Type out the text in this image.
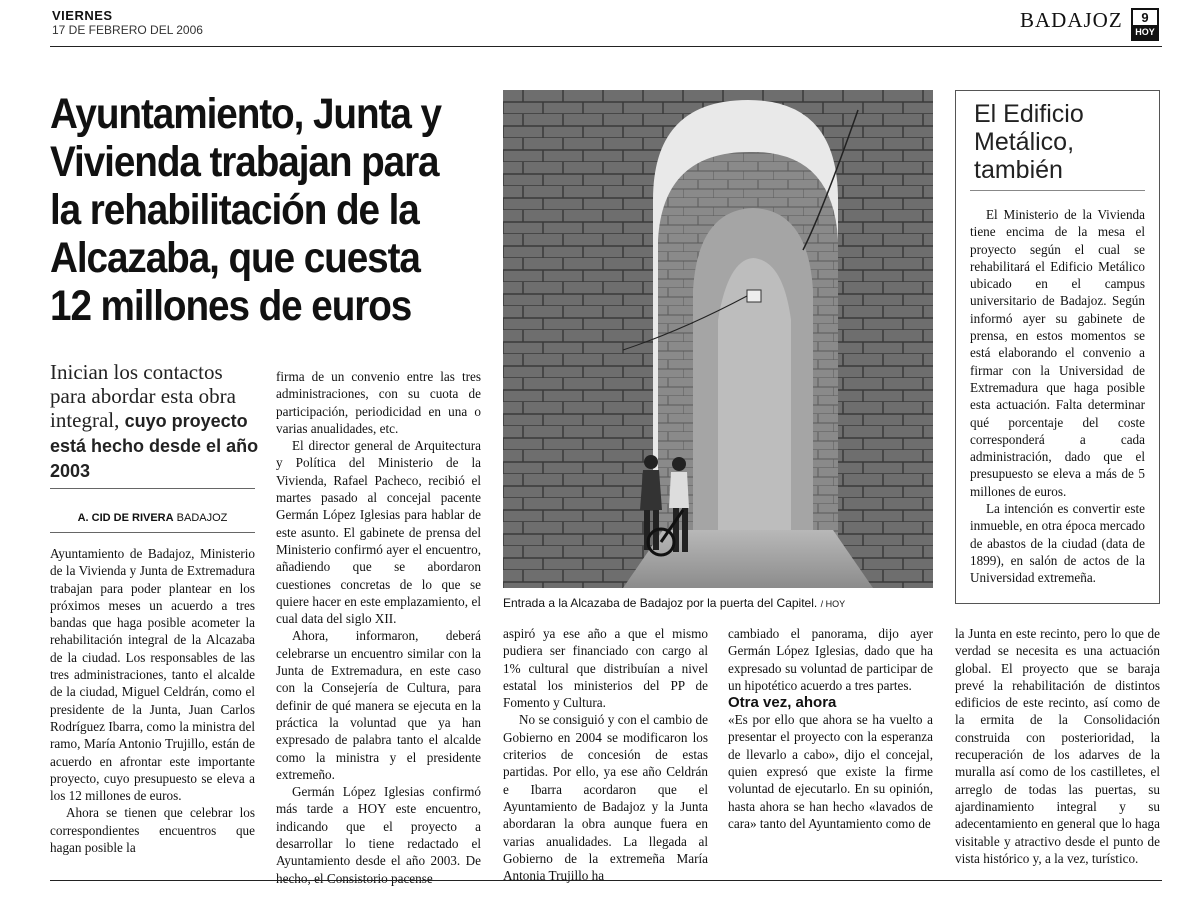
VIERNES
17 DE FEBRERO DEL 2006	BADAJOZ	9
HOY
Ayuntamiento, Junta y Vivienda trabajan para la rehabilitación de la Alcazaba, que cuesta 12 millones de euros
Inician los contactos para abordar esta obra integral, cuyo proyecto está hecho desde el año 2003
A. CID DE RIVERA BADAJOZ

Ayuntamiento de Badajoz, Ministerio de la Vivienda y Junta de Extremadura trabajan para poder plantear en los próximos meses un acuerdo a tres bandas que haga posible acometer la rehabilitación integral de la Alcazaba de la ciudad. Los responsables de las tres administraciones, tanto el alcalde de la ciudad, Miguel Celdrán, como el presidente de la Junta, Juan Carlos Rodríguez Ibarra, como la ministra del ramo, María Antonio Trujillo, están de acuerdo en afrontar este importante proyecto, cuyo presupuesto se eleva a los 12 millones de euros.

Ahora se tienen que celebrar los correspondientes encuentros que hagan posible la

firma de un convenio entre las tres administraciones, con su cuota de participación, periodicidad en una o varias anualidades, etc.

El director general de Arquitectura y Política del Ministerio de la Vivienda, Rafael Pacheco, recibió el martes pasado al concejal pacente Germán López Iglesias para hablar de este asunto. El gabinete de prensa del Ministerio confirmó ayer el encuentro, añadiendo que se abordaron cuestiones concretas de lo que se quiere hacer en este emplazamiento, el cual data del siglo XII.

Ahora, informaron, deberá celebrarse un encuentro similar con la Junta de Extremadura, en este caso con la Consejería de Cultura, para definir de qué manera se ejecuta en la práctica la voluntad que ya han expresado de palabra tanto el alcalde como la ministra y el presidente extremeño.

Germán López Iglesias confirmó más tarde a HOY este encuentro, indicando que el proyecto a desarrollar lo tiene redactado el Ayuntamiento desde el año 2003. De hecho, el Consistorio pacense

Entrada a la Alcazaba de Badajoz por la puerta del Capitel. / HOY

aspiró ya ese año a que el mismo pudiera ser financiado con cargo al 1% cultural que distribuían a nivel estatal los ministerios del PP de Fomento y Cultura.

No se consiguió y con el cambio de Gobierno en 2004 se modificaron los criterios de concesión de estas partidas. Por ello, ya ese año Celdrán e Ibarra acordaron que el Ayuntamiento de Badajoz y la Junta abordaran la obra aunque fuera en varias anualidades. La llegada al Gobierno de la extremeña María Antonia Trujillo ha

cambiado el panorama, dijo ayer Germán López Iglesias, dado que ha expresado su voluntad de participar de un hipotético acuerdo a tres partes.

Otra vez, ahora

«Es por ello que ahora se ha vuelto a presentar el proyecto con la esperanza de llevarlo a cabo», dijo el concejal, quien expresó que existe la firme voluntad de ejecutarlo. En su opinión, hasta ahora se han hecho «lavados de cara» tanto del Ayuntamiento como de

El Edificio Metálico, también

El Ministerio de la Vivienda tiene encima de la mesa el proyecto según el cual se rehabilitará el Edificio Metálico ubicado en el campus universitario de Badajoz. Según informó ayer su gabinete de prensa, en estos momentos se está elaborando el convenio a firmar con la Universidad de Extremadura que haga posible esta actuación. Falta determinar qué porcentaje del coste corresponderá a cada administración, dado que el presupuesto se eleva a más de 5 millones de euros.

La intención es convertir este inmueble, en otra época mercado de abastos de la ciudad (data de 1899), en salón de actos de la Universidad extremeña.

la Junta en este recinto, pero lo que de verdad se necesita es una actuación global. El proyecto que se baraja prevé la rehabilitación de distintos edificios de este recinto, así como de la ermita de la Consolidación construida con posterioridad, la recuperación de los adarves de la muralla así como de los castilletes, el arreglo de todas las puertas, su ajardinamiento integral y su adecentamiento en general que lo haga visitable y atractivo desde el punto de vista histórico y, a la vez, turístico.
